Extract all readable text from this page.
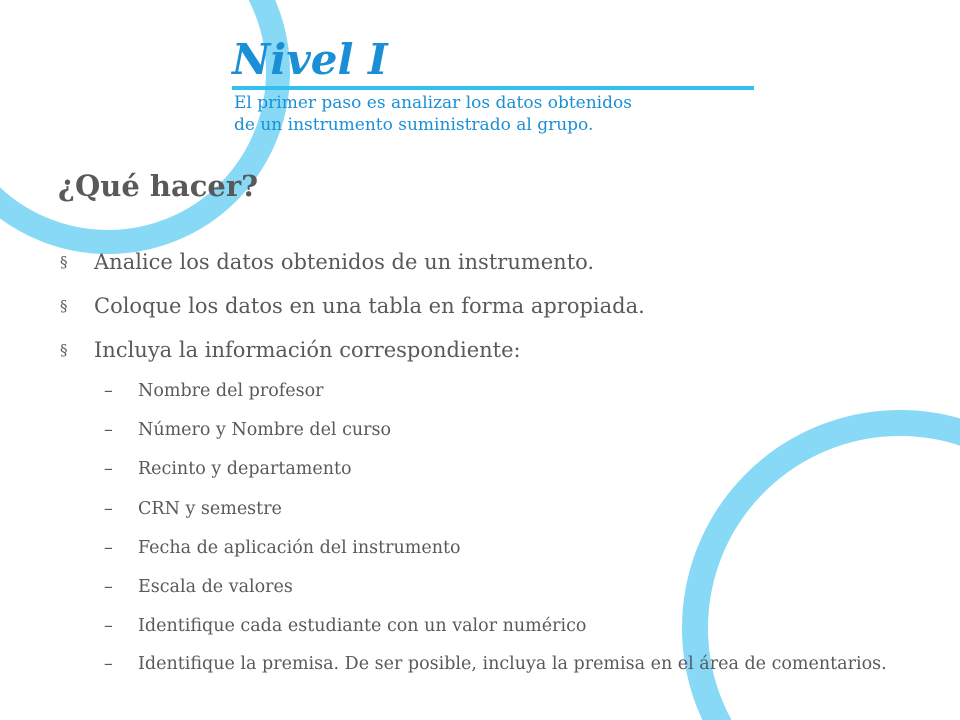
Nivel I

El primer paso es analizar los datos obtenidos
de un instrumento suministrado al grupo.

¿Qué hacer?
§ Analice los datos obtenidos de un instrumento.
§ Coloque los datos en una tabla en forma apropiada.
§ Incluya la información correspondiente:
– Nombre del profesor
– Número y Nombre del curso
– Recinto y departamento
– CRN y semestre
– Fecha de aplicación del instrumento
– Escala de valores
– Identifique cada estudiante con un valor numérico
– Identifique la premisa. De ser posible, incluya la premisa en el área de comentarios.
